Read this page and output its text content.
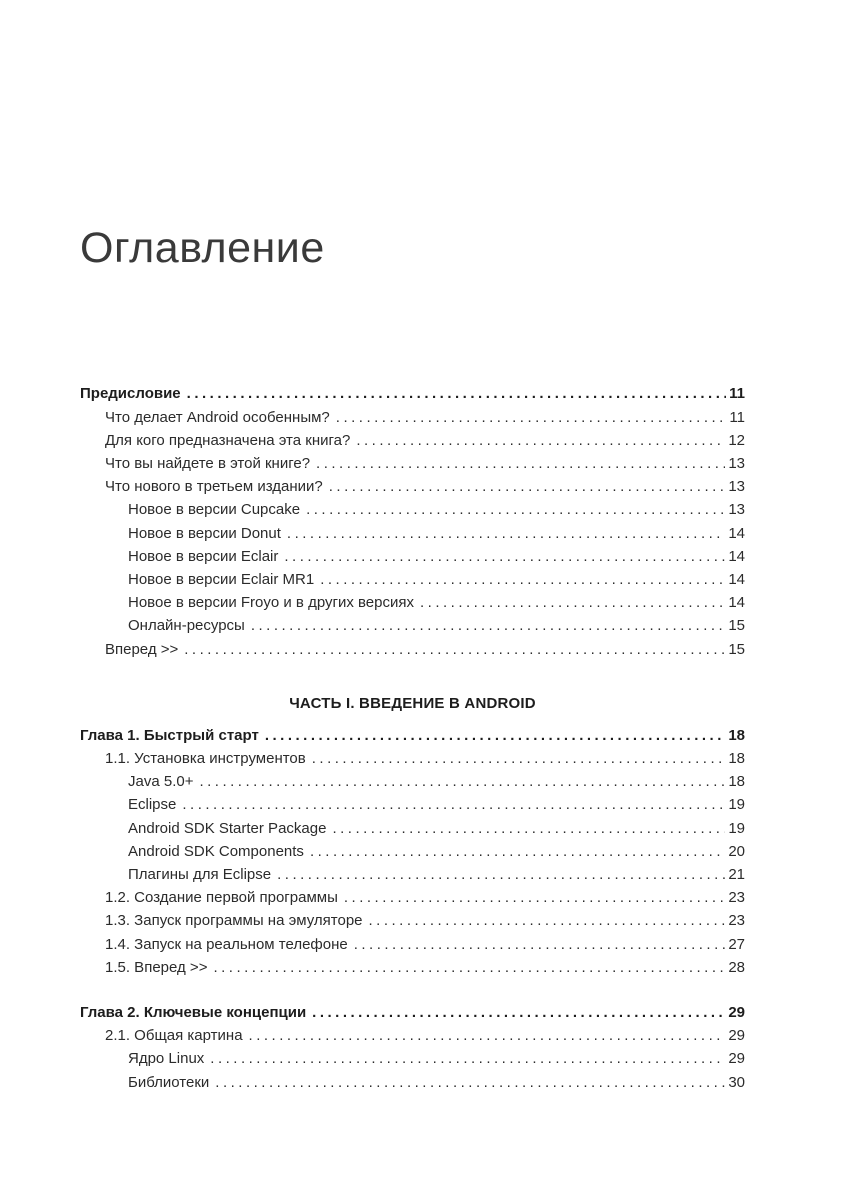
Оглавление
Предисловие .....	11
Что делает Android особенным? .....	11
Для кого предназначена эта книга? .....	12
Что вы найдете в этой книге? .....	13
Что нового в третьем издании? .....	13
Новое в версии Cupcake .....	13
Новое в версии Donut .....	14
Новое в версии Eclair .....	14
Новое в версии Eclair MR1 .....	14
Новое в версии Froyo и в других версиях .....	14
Онлайн-ресурсы .....	15
Вперед >> .....	15
ЧАСТЬ I. ВВЕДЕНИЕ В ANDROID
Глава 1. Быстрый старт .....	18
1.1. Установка инструментов .....	18
Java 5.0+ .....	18
Eclipse .....	19
Android SDK Starter Package .....	19
Android SDK Components .....	20
Плагины для Eclipse .....	21
1.2. Создание первой программы .....	23
1.3. Запуск программы на эмуляторе .....	23
1.4. Запуск на реальном телефоне .....	27
1.5. Вперед >> .....	28
Глава 2. Ключевые концепции .....	29
2.1. Общая картина .....	29
Ядро Linux .....	29
Библиотеки .....	30
